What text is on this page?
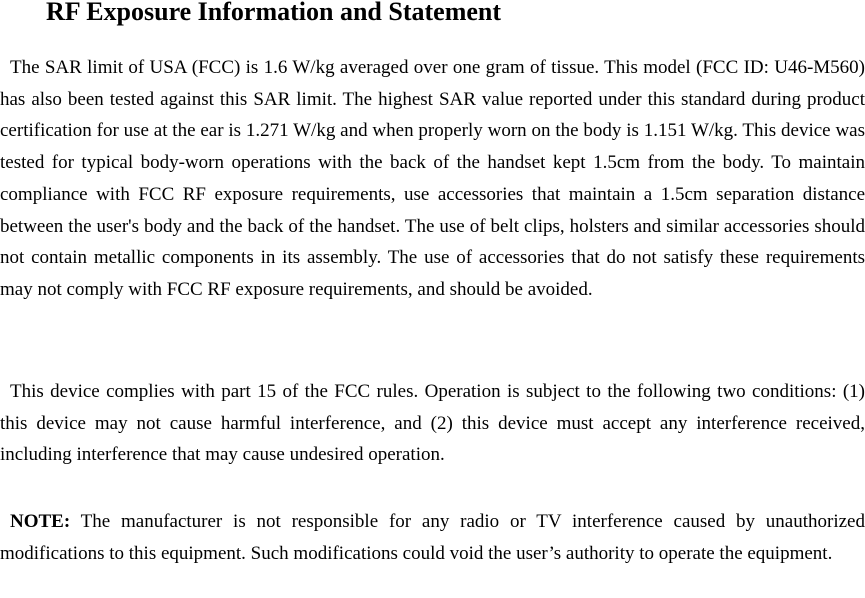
RF Exposure Information and Statement

The SAR limit of USA (FCC) is 1.6 W/kg averaged over one gram of tissue. This model (FCC ID: U46-M560) has also been tested against this SAR limit. The highest SAR value reported under this standard during product certification for use at the ear is 1.271 W/kg and when properly worn on the body is 1.151 W/kg. This device was tested for typical body-worn operations with the back of the handset kept 1.5cm from the body. To maintain compliance with FCC RF exposure requirements, use accessories that maintain a 1.5cm separation distance between the user's body and the back of the handset. The use of belt clips, holsters and similar accessories should not contain metallic components in its assembly. The use of accessories that do not satisfy these requirements may not comply with FCC RF exposure requirements, and should be avoided.

This device complies with part 15 of the FCC rules. Operation is subject to the following two conditions: (1) this device may not cause harmful interference, and (2) this device must accept any interference received, including interference that may cause undesired operation.

NOTE: The manufacturer is not responsible for any radio or TV interference caused by unauthorized modifications to this equipment. Such modifications could void the user’s authority to operate the equipment.
